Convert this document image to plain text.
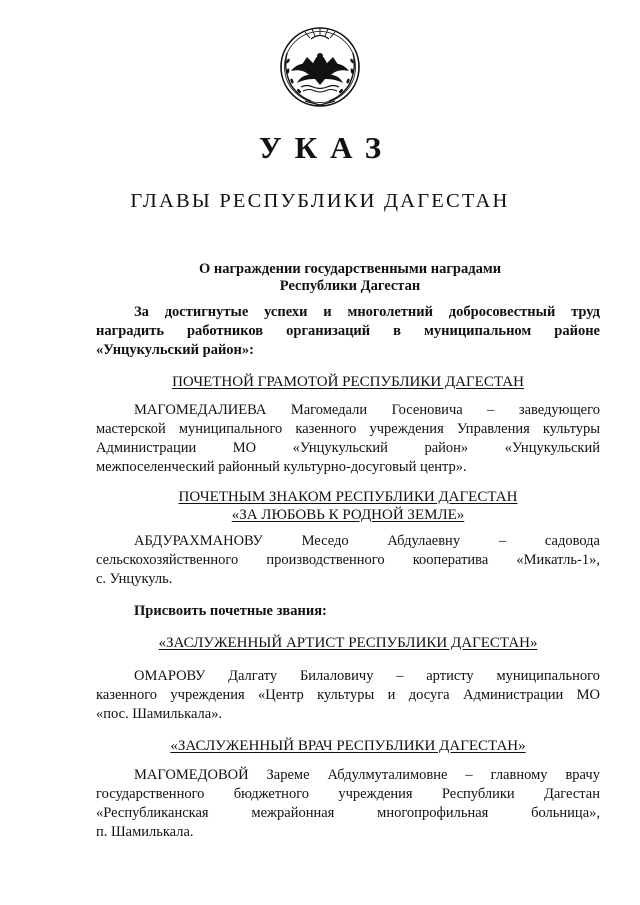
УКАЗ
ГЛАВЫ РЕСПУБЛИКИ ДАГЕСТАН
О награждении государственными наградами
Республики Дагестан
За достигнутые успехи и многолетний добросовестный труд
наградить работников организаций в муниципальном районе
«Унцукульский район»:
ПОЧЕТНОЙ ГРАМОТОЙ РЕСПУБЛИКИ ДАГЕСТАН
МАГОМЕДАЛИЕВА Магомедали Госеновича – заведующего
мастерской муниципального казенного учреждения Управления культуры
Администрации	МО	«Унцукульский	район»	«Унцукульский
межпоселенческий районный культурно-досуговый центр».
ПОЧЕТНЫМ ЗНАКОМ РЕСПУБЛИКИ ДАГЕСТАН
«ЗА ЛЮБОВЬ К РОДНОЙ ЗЕМЛЕ»
АБДУРАХМАНОВУ	Меседо	Абдулаевну	–	садовода
сельскохозяйственного производственного кооператива «Микатль-1»,
с. Унцукуль.
Присвоить почетные звания:
«ЗАСЛУЖЕННЫЙ АРТИСТ РЕСПУБЛИКИ ДАГЕСТАН»
ОМАРОВУ Далгату Билаловичу – артисту муниципального
казенного учреждения «Центр культуры и досуга Администрации МО
«пос. Шамилькала».
«ЗАСЛУЖЕННЫЙ ВРАЧ РЕСПУБЛИКИ ДАГЕСТАН»
МАГОМЕДОВОЙ Зареме Абдулмуталимовне – главному врачу
государственного бюджетного учреждения Республики Дагестан
«Республиканская	межрайонная	многопрофильная	больница»,
п. Шамилькала.
